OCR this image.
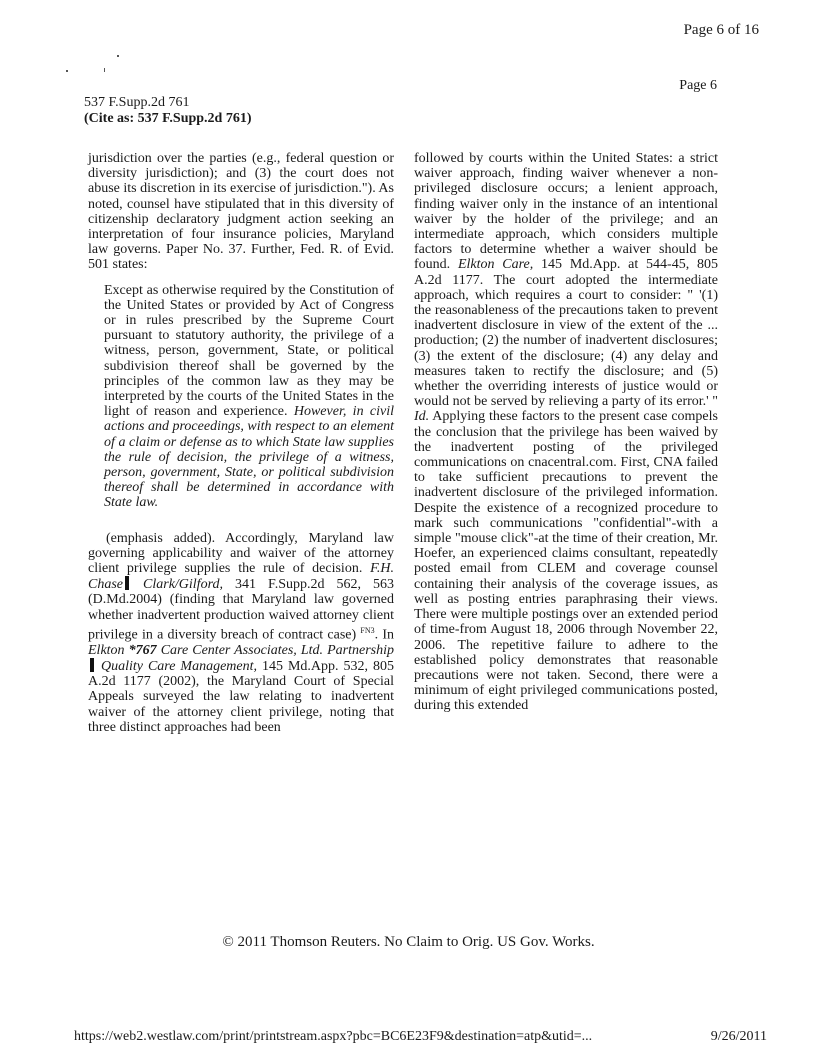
Page 6 of 16
Page 6
537 F.Supp.2d 761
(Cite as: 537 F.Supp.2d 761)

jurisdiction over the parties (e.g., federal question or diversity jurisdiction); and (3) the court does not abuse its discretion in its exercise of jurisdiction."). As noted, counsel have stipulated that in this diversity of citizenship declaratory judgment action seeking an interpretation of four insurance policies, Maryland law governs. Paper No. 37. Further, Fed. R. of Evid. 501 states:

Except as otherwise required by the Constitution of the United States or provided by Act of Congress or in rules prescribed by the Supreme Court pursuant to statutory authority, the privilege of a witness, person, government, State, or political subdivision thereof shall be governed by the principles of the common law as they may be interpreted by the courts of the United States in the light of reason and experience. However, in civil actions and proceedings, with respect to an element of a claim or defense as to which State law supplies the rule of decision, the privilege of a witness, person, government, State, or political subdivision thereof shall be determined in accordance with State law.

(emphasis added). Accordingly, Maryland law governing applicability and waiver of the attorney client privilege supplies the rule of decision. F.H. Chase Clark/Gilford, 341 F.Supp.2d 562, 563 (D.Md.2004) (finding that Maryland law governed whether inadvertent production waived attorney client privilege in a diversity breach of contract case) $^{FN3}$. In Elkton *767 Care Center Associates, Ltd. Partnership Quality Care Management, 145 Md.App. 532, 805 A.2d 1177 (2002), the Maryland Court of Special Appeals surveyed the law relating to inadvertent waiver of the attorney client privilege, noting that three distinct approaches had been

followed by courts within the United States: a strict waiver approach, finding waiver whenever a non-privileged disclosure occurs; a lenient approach, finding waiver only in the instance of an intentional waiver by the holder of the privilege; and an intermediate approach, which considers multiple factors to determine whether a waiver should be found. Elkton Care, 145 Md.App. at 544-45, 805 A.2d 1177. The court adopted the intermediate approach, which requires a court to consider: " '(1) the reasonableness of the precautions taken to prevent inadvertent disclosure in view of the extent of the ... production; (2) the number of inadvertent disclosures; (3) the extent of the disclosure; (4) any delay and measures taken to rectify the disclosure; and (5) whether the overriding interests of justice would or would not be served by relieving a party of its error.' " Id. Applying these factors to the present case compels the conclusion that the privilege has been waived by the inadvertent posting of the privileged communications on cnacentral.com. First, CNA failed to take sufficient precautions to prevent the inadvertent disclosure of the privileged information. Despite the existence of a recognized procedure to mark such communications "confidential"-with a simple "mouse click"-at the time of their creation, Mr. Hoefer, an experienced claims consultant, repeatedly posted email from CLEM and coverage counsel containing their analysis of the coverage issues, as well as posting entries paraphrasing their views. There were multiple postings over an extended period of time-from August 18, 2006 through November 22, 2006. The repetitive failure to adhere to the established policy demonstrates that reasonable precautions were not taken. Second, there were a minimum of eight privileged communications posted, during this extended

© 2011 Thomson Reuters. No Claim to Orig. US Gov. Works.
https://web2.westlaw.com/print/printstream.aspx?pbc=BC6E23F9&destination=atp&utid=...	9/26/2011
